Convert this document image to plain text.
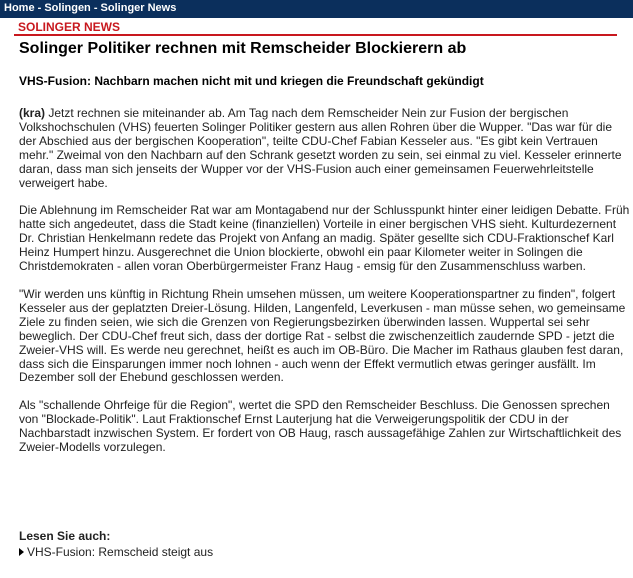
Home - Solingen - Solinger News
SOLINGER NEWS
Solinger Politiker rechnen mit Remscheider Blockierern ab
VHS-Fusion: Nachbarn machen nicht mit und kriegen die Freundschaft gekündigt

(kra) Jetzt rechnen sie miteinander ab. Am Tag nach dem Remscheider Nein zur Fusion der bergischen Volkshochschulen (VHS) feuerten Solinger Politiker gestern aus allen Rohren über die Wupper. "Das war für die der Abschied aus der bergischen Kooperation", teilte CDU-Chef Fabian Kesseler aus. "Es gibt kein Vertrauen mehr." Zweimal von den Nachbarn auf den Schrank gesetzt worden zu sein, sei einmal zu viel. Kesseler erinnerte daran, dass man sich jenseits der Wupper vor der VHS-Fusion auch einer gemeinsamen Feuerwehrleitstelle verweigert habe.

Die Ablehnung im Remscheider Rat war am Montagabend nur der Schlusspunkt hinter einer leidigen Debatte. Früh hatte sich angedeutet, dass die Stadt keine (finanziellen) Vorteile in einer bergischen VHS sieht. Kulturdezernent Dr. Christian Henkelmann redete das Projekt von Anfang an madig. Später gesellte sich CDU-Fraktionschef Karl Heinz Humpert hinzu. Ausgerechnet die Union blockierte, obwohl ein paar Kilometer weiter in Solingen die Christdemokraten - allen voran Oberbürgermeister Franz Haug - emsig für den Zusammenschluss warben.

"Wir werden uns künftig in Richtung Rhein umsehen müssen, um weitere Kooperationspartner zu finden", folgert Kesseler aus der geplatzten Dreier-Lösung. Hilden, Langenfeld, Leverkusen - man müsse sehen, wo gemeinsame Ziele zu finden seien, wie sich die Grenzen von Regierungsbezirken überwinden lassen. Wuppertal sei sehr beweglich. Der CDU-Chef freut sich, dass der dortige Rat - selbst die zwischenzeitlich zaudernde SPD - jetzt die Zweier-VHS will. Es werde neu gerechnet, heißt es auch im OB-Büro. Die Macher im Rathaus glauben fest daran, dass sich die Einsparungen immer noch lohnen - auch wenn der Effekt vermutlich etwas geringer ausfällt. Im Dezember soll der Ehebund geschlossen werden.

Als "schallende Ohrfeige für die Region", wertet die SPD den Remscheider Beschluss. Die Genossen sprechen von "Blockade-Politik". Laut Fraktionschef Ernst Lauterjung hat die Verweigerungspolitik der CDU in der Nachbarstadt inzwischen System. Er fordert von OB Haug, rasch aussagefähige Zahlen zur Wirtschaftlichkeit des Zweier-Modells vorzulegen.

Lesen Sie auch:
VHS-Fusion: Remscheid steigt aus
